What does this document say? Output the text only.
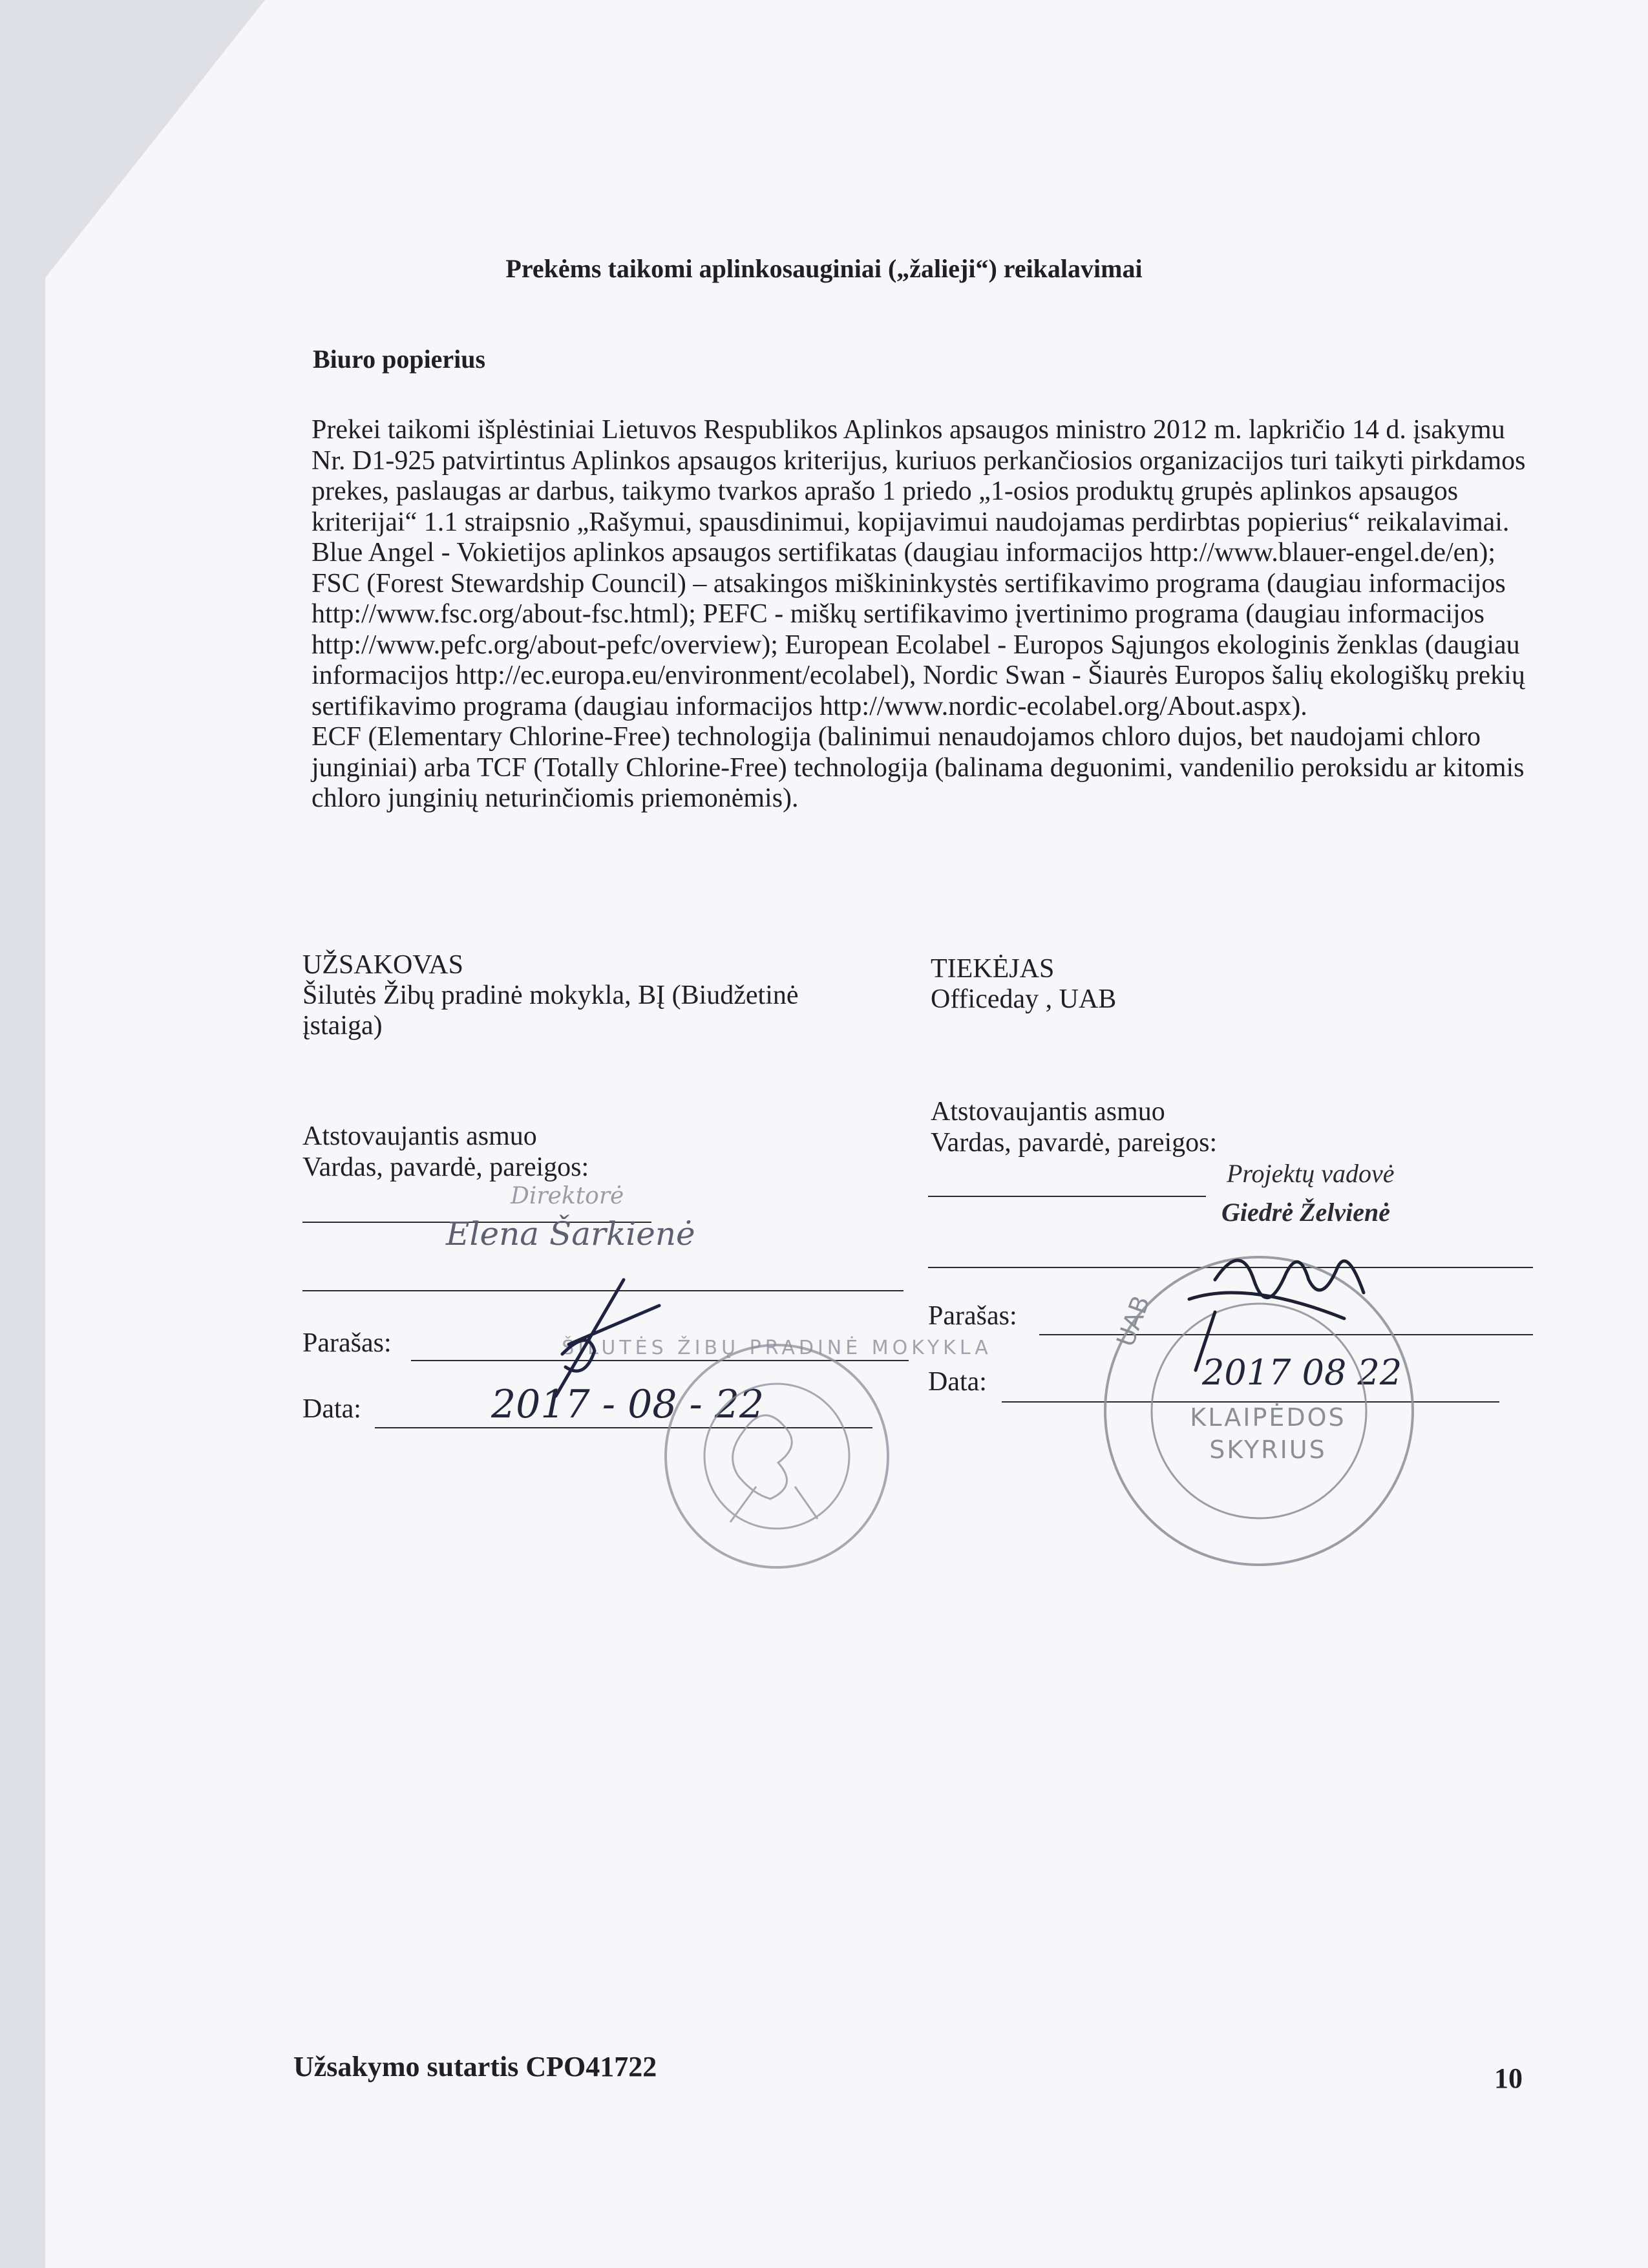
Prekėms taikomi aplinkosauginiai („žalieji“) reikalavimai
Biuro popierius

Prekei taikomi išplėstiniai Lietuvos Respublikos Aplinkos apsaugos ministro 2012 m. lapkričio 14 d. įsakymu Nr. D1-925 patvirtintus Aplinkos apsaugos kriterijus, kuriuos perkančiosios organizacijos turi taikyti pirkdamos prekes, paslaugas ar darbus, taikymo tvarkos aprašo 1 priedo „1-osios produktų grupės aplinkos apsaugos kriterijai“ 1.1 straipsnio „Rašymui, spausdinimui, kopijavimui naudojamas perdirbtas popierius“ reikalavimai.

Blue Angel - Vokietijos aplinkos apsaugos sertifikatas (daugiau informacijos http://www.blauer-engel.de/en); FSC (Forest Stewardship Council) – atsakingos miškininkystės sertifikavimo programa (daugiau informacijos http://www.fsc.org/about-fsc.html); PEFC - miškų sertifikavimo įvertinimo programa (daugiau informacijos http://www.pefc.org/about-pefc/overview); European Ecolabel - Europos Sąjungos ekologinis ženklas (daugiau informacijos http://ec.europa.eu/environment/ecolabel), Nordic Swan - Šiaurės Europos šalių ekologiškų prekių sertifikavimo programa (daugiau informacijos http://www.nordic-ecolabel.org/About.aspx).

ECF (Elementary Chlorine-Free) technologija (balinimui nenaudojamos chloro dujos, bet naudojami chloro junginiai) arba TCF (Totally Chlorine-Free) technologija (balinama deguonimi, vandenilio peroksidu ar kitomis chloro junginių neturinčiomis priemonėmis).

UŽSAKOVAS
Šilutės Žibų pradinė mokykla, BĮ (Biudžetinė įstaiga)
Atstovaujantis asmuo
Vardas, pavardė, pareigos:
Direktorė
Elena Šarkienė
Parašas:
Data:	2017 - 08 - 22
TIEKĖJAS
Officeday , UAB
Atstovaujantis asmuo
Vardas, pavardė, pareigos:
Projektų vadovė
Giedrė Želvienė
Parašas:
Data:	2017 08 22
Užsakymo sutartis CPO41722	10
ŠILUTĖS ŽIBŲ PRADINĖ MOKYKLA
KLAIPĖDOS
SKYRIUS
UAB
